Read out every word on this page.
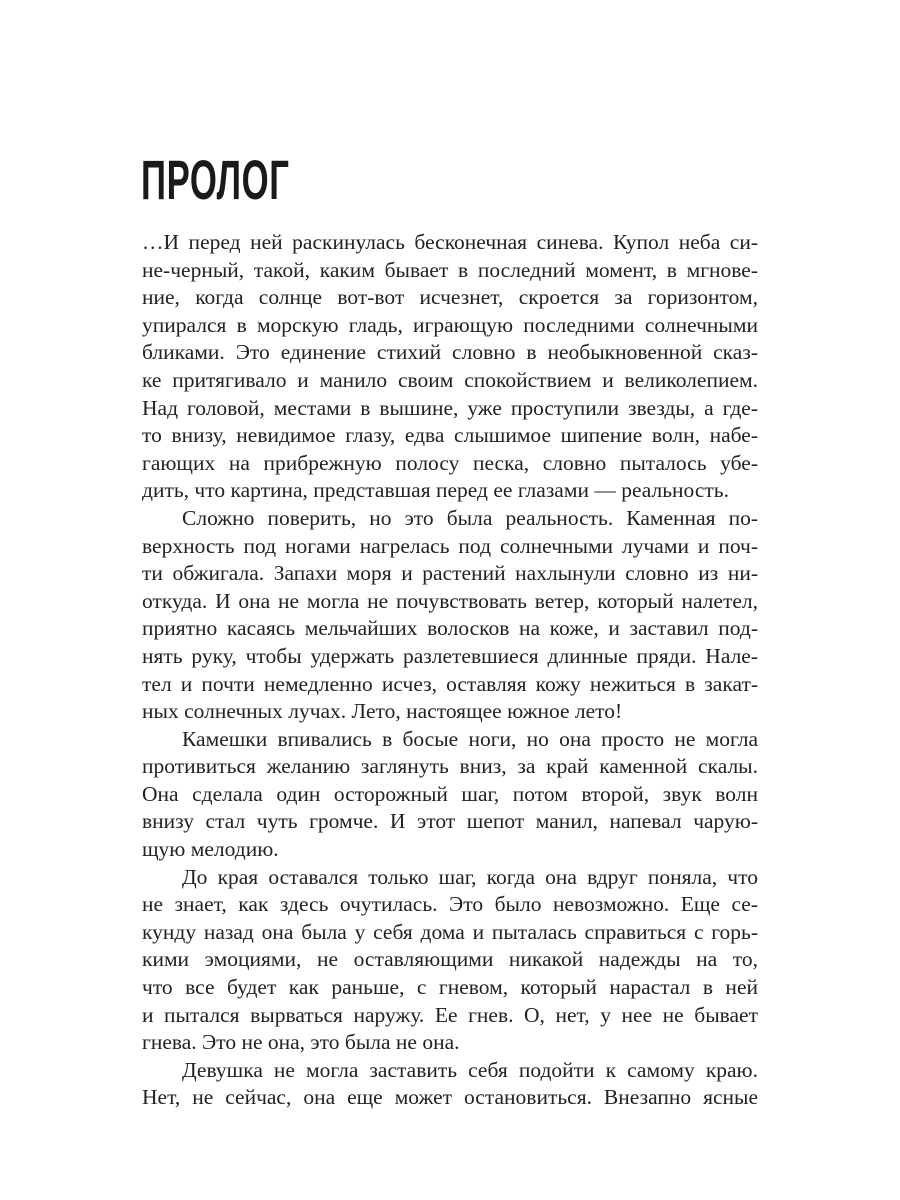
ПРОЛОГ
…И перед ней раскинулась бесконечная синева. Купол неба си-
не-черный, такой, каким бывает в последний момент, в мгнове-
ние, когда солнце вот-вот исчезнет, скроется за горизонтом,
упирался в морскую гладь, играющую последними солнечными
бликами. Это единение стихий словно в необыкновенной сказ-
ке притягивало и манило своим спокойствием и великолепием.
Над головой, местами в вышине, уже проступили звезды, а где-
то внизу, невидимое глазу, едва слышимое шипение волн, набе-
гающих на прибрежную полосу песка, словно пыталось убе-
дить, что картина, представшая перед ее глазами — реальность.
Сложно поверить, но это была реальность. Каменная по-
верхность под ногами нагрелась под солнечными лучами и поч-
ти обжигала. Запахи моря и растений нахлынули словно из ни-
откуда. И она не могла не почувствовать ветер, который налетел,
приятно касаясь мельчайших волосков на коже, и заставил под-
нять руку, чтобы удержать разлетевшиеся длинные пряди. Нале-
тел и почти немедленно исчез, оставляя кожу нежиться в закат-
ных солнечных лучах. Лето, настоящее южное лето!
Камешки впивались в босые ноги, но она просто не могла
противиться желанию заглянуть вниз, за край каменной скалы.
Она сделала один осторожный шаг, потом второй, звук волн
внизу стал чуть громче. И этот шепот манил, напевал чарую-
щую мелодию.
До края оставался только шаг, когда она вдруг поняла, что
не знает, как здесь очутилась. Это было невозможно. Еще се-
кунду назад она была у себя дома и пыталась справиться с горь-
кими эмоциями, не оставляющими никакой надежды на то,
что все будет как раньше, с гневом, который нарастал в ней
и пытался вырваться наружу. Ее гнев. О, нет, у нее не бывает
гнева. Это не она, это была не она.
Девушка не могла заставить себя подойти к самому краю.
Нет, не сейчас, она еще может остановиться. Внезапно ясные
